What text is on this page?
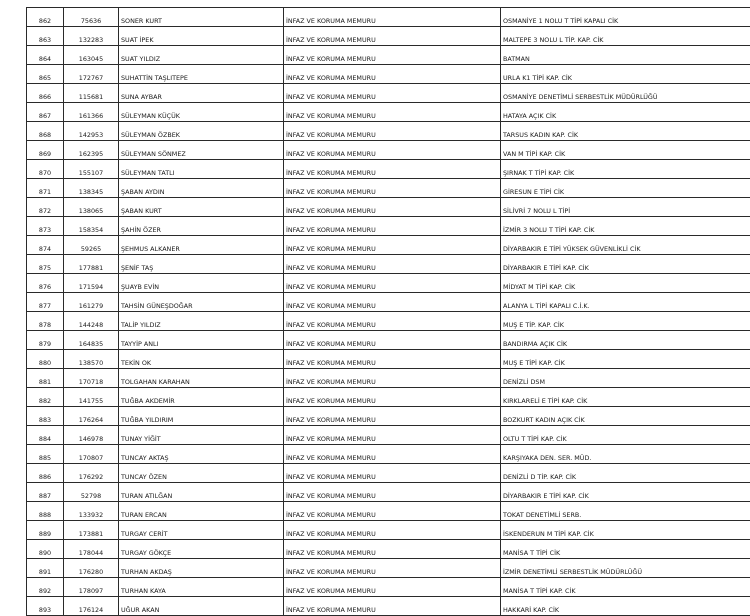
862	75636	SONER KURT	İNFAZ VE KORUMA MEMURU	OSMANİYE 1 NOLU T TİPİ KAPALI CİK
863	132283	SUAT İPEK	İNFAZ VE KORUMA MEMURU	MALTEPE 3 NOLU L TİP. KAP. CİK
864	163045	SUAT YILDIZ	İNFAZ VE KORUMA MEMURU	BATMAN
865	172767	SUHATTİN TAŞLITEPE	İNFAZ VE KORUMA MEMURU	URLA K1 TİPİ KAP. CİK
866	115681	SUNA AYBAR	İNFAZ VE KORUMA MEMURU	OSMANİYE DENETİMLİ SERBESTLİK MÜDÜRLÜĞÜ
867	161366	SÜLEYMAN KÜÇÜK	İNFAZ VE KORUMA MEMURU	HATAYA AÇIK CİK
868	142953	SÜLEYMAN ÖZBEK	İNFAZ VE KORUMA MEMURU	TARSUS KADIN KAP. CİK
869	162395	SÜLEYMAN SÖNMEZ	İNFAZ VE KORUMA MEMURU	VAN M TİPİ KAP. CİK
870	155107	SÜLEYMAN TATLI	İNFAZ VE KORUMA MEMURU	ŞIRNAK T TİPİ KAP. CİK
871	138345	ŞABAN AYDIN	İNFAZ VE KORUMA MEMURU	GİRESUN E TİPİ CİK
872	138065	ŞABAN KURT	İNFAZ VE KORUMA MEMURU	SİLİVRİ 7 NOLU L TİPİ
873	158354	ŞAHİN ÖZER	İNFAZ VE KORUMA MEMURU	İZMİR 3 NOLU T TİPİ KAP. CİK
874	59265	ŞEHMUS ALKANER	İNFAZ VE KORUMA MEMURU	DİYARBAKIR E TİPİ YÜKSEK GÜVENLİKLİ CİK
875	177881	ŞENİF TAŞ	İNFAZ VE KORUMA MEMURU	DİYARBAKIR E TİPİ KAP. CİK
876	171594	ŞUAYB EVİN	İNFAZ VE KORUMA MEMURU	MİDYAT M TİPİ KAP. CİK
877	161279	TAHSİN GÜNEŞDOĞAR	İNFAZ VE KORUMA MEMURU	ALANYA L TİPİ KAPALI C.İ.K.
878	144248	TALİP YILDIZ	İNFAZ VE KORUMA MEMURU	MUŞ E TİP. KAP. CİK
879	164835	TAYYİP ANLI	İNFAZ VE KORUMA MEMURU	BANDIRMA AÇIK CİK
880	138570	TEKİN OK	İNFAZ VE KORUMA MEMURU	MUŞ E TİPİ KAP. CİK
881	170718	TOLGAHAN KARAHAN	İNFAZ VE KORUMA MEMURU	DENİZLİ DSM
882	141755	TUĞBA AKDEMİR	İNFAZ VE KORUMA MEMURU	KIRKLARELİ E TİPİ KAP. CİK
883	176264	TUĞBA YILDIRIM	İNFAZ VE KORUMA MEMURU	BOZKURT KADIN AÇIK CİK
884	146978	TUNAY YİĞİT	İNFAZ VE KORUMA MEMURU	OLTU T TİPİ KAP. CİK
885	170807	TUNCAY AKTAŞ	İNFAZ VE KORUMA MEMURU	KARŞIYAKA DEN. SER. MÜD.
886	176292	TUNCAY ÖZEN	İNFAZ VE KORUMA MEMURU	DENİZLİ D TİP. KAP. CİK
887	52798	TURAN ATILĞAN	İNFAZ VE KORUMA MEMURU	DİYARBAKIR E TİPİ KAP. CİK
888	133932	TURAN ERCAN	İNFAZ VE KORUMA MEMURU	TOKAT DENETİMLİ SERB.
889	173881	TURGAY CERİT	İNFAZ VE KORUMA MEMURU	İSKENDERUN M TİPİ KAP. CİK
890	178044	TURGAY GÖKÇE	İNFAZ VE KORUMA MEMURU	MANİSA T TİPİ CİK
891	176280	TURHAN AKDAŞ	İNFAZ VE KORUMA MEMURU	İZMİR DENETİMLİ SERBESTLİK MÜDÜRLÜĞÜ
892	178097	TURHAN KAYA	İNFAZ VE KORUMA MEMURU	MANİSA T TİPİ KAP. CİK
893	176124	UĞUR AKAN	İNFAZ VE KORUMA MEMURU	HAKKARİ KAP. CİK
